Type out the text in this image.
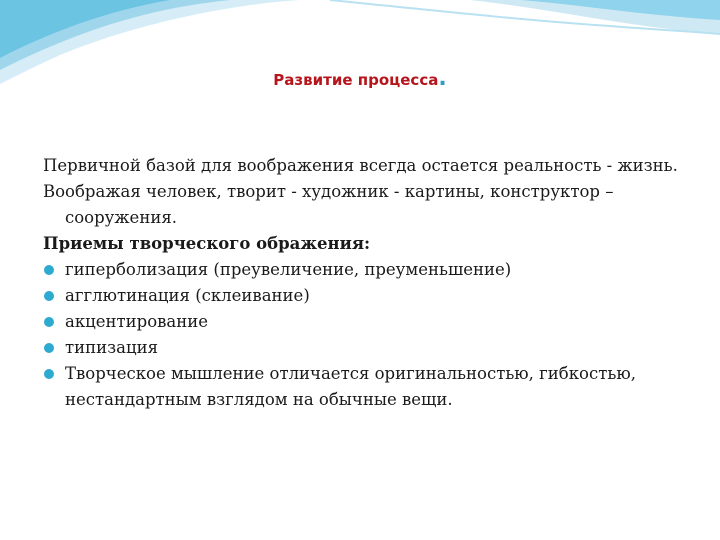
Развитие процесса.

Первичной базой для воображения всегда остается реальность - жизнь.

Воображая человек, творит - художник - картины, конструктор – сооружения.

Приемы творческого ображения:

гиперболизация (преувеличение, преуменьшение)
агглютинация (склеивание)
акцентирование
типизация
Творческое мышление отличается оригинальностью, гибкостью, нестандартным взглядом на обычные вещи.
